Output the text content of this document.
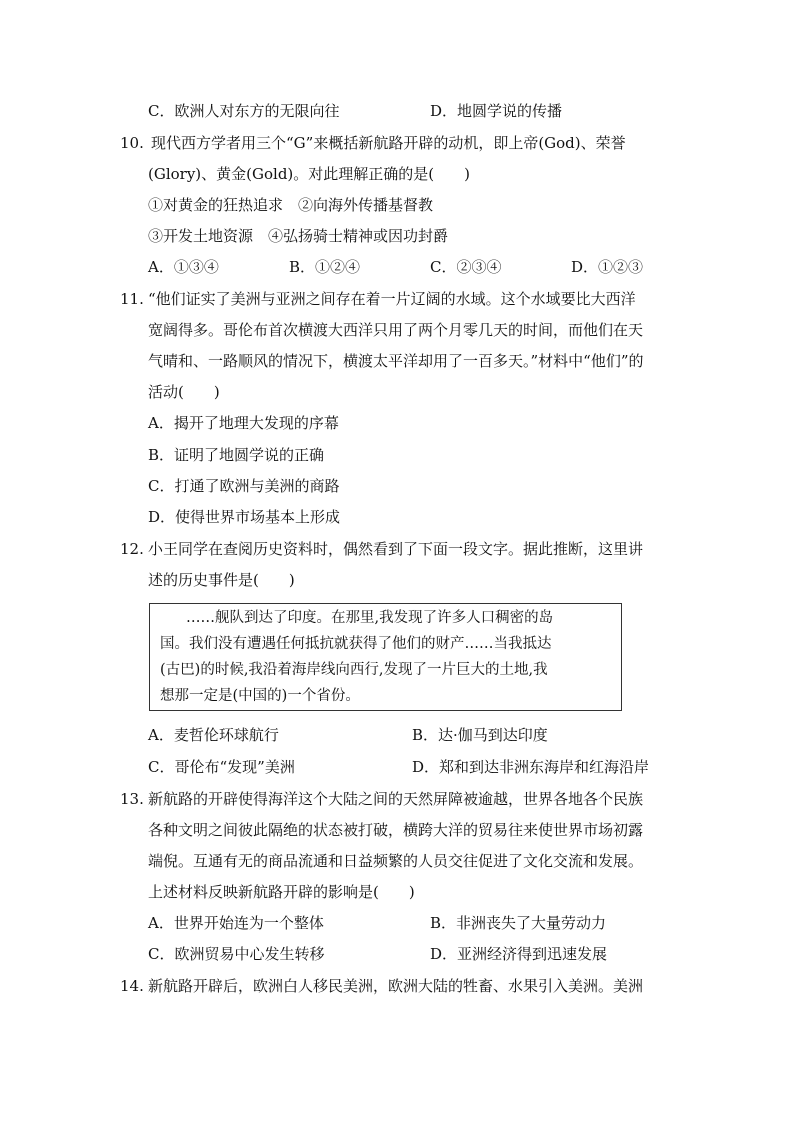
C．欧洲人对东方的无限向往	D．地圆学说的传播
10. 现代西方学者用三个“G”来概括新航路开辟的动机，即上帝(God)、荣誉
(Glory)、黄金(Gold)。对此理解正确的是(　　)
①对黄金的狂热追求　②向海外传播基督教
③开发土地资源　④弘扬骑士精神或因功封爵
A．①③④	B．①②④	C．②③④	D．①②③
11. “他们证实了美洲与亚洲之间存在着一片辽阔的水域。这个水域要比大西洋
宽阔得多。哥伦布首次横渡大西洋只用了两个月零几天的时间，而他们在天
气晴和、一路顺风的情况下，横渡太平洋却用了一百多天。”材料中“他们”的
活动(　　)
A．揭开了地理大发现的序幕
B．证明了地圆学说的正确
C．打通了欧洲与美洲的商路
D．使得世界市场基本上形成
12. 小王同学在查阅历史资料时，偶然看到了下面一段文字。据此推断，这里讲
述的历史事件是(　　)
……舰队到达了印度。在那里,我发现了许多人口稠密的岛
国。我们没有遭遇任何抵抗就获得了他们的财产……当我抵达
(古巴)的时候,我沿着海岸线向西行,发现了一片巨大的土地,我
想那一定是(中国的)一个省份。
A．麦哲伦环球航行	B．达·伽马到达印度
C．哥伦布“发现”美洲	D．郑和到达非洲东海岸和红海沿岸
13. 新航路的开辟使得海洋这个大陆之间的天然屏障被逾越，世界各地各个民族
各种文明之间彼此隔绝的状态被打破，横跨大洋的贸易往来使世界市场初露
端倪。互通有无的商品流通和日益频繁的人员交往促进了文化交流和发展。
上述材料反映新航路开辟的影响是(　　)
A．世界开始连为一个整体	B．非洲丧失了大量劳动力
C．欧洲贸易中心发生转移	D．亚洲经济得到迅速发展
14. 新航路开辟后，欧洲白人移民美洲，欧洲大陆的牲畜、水果引入美洲。美洲
